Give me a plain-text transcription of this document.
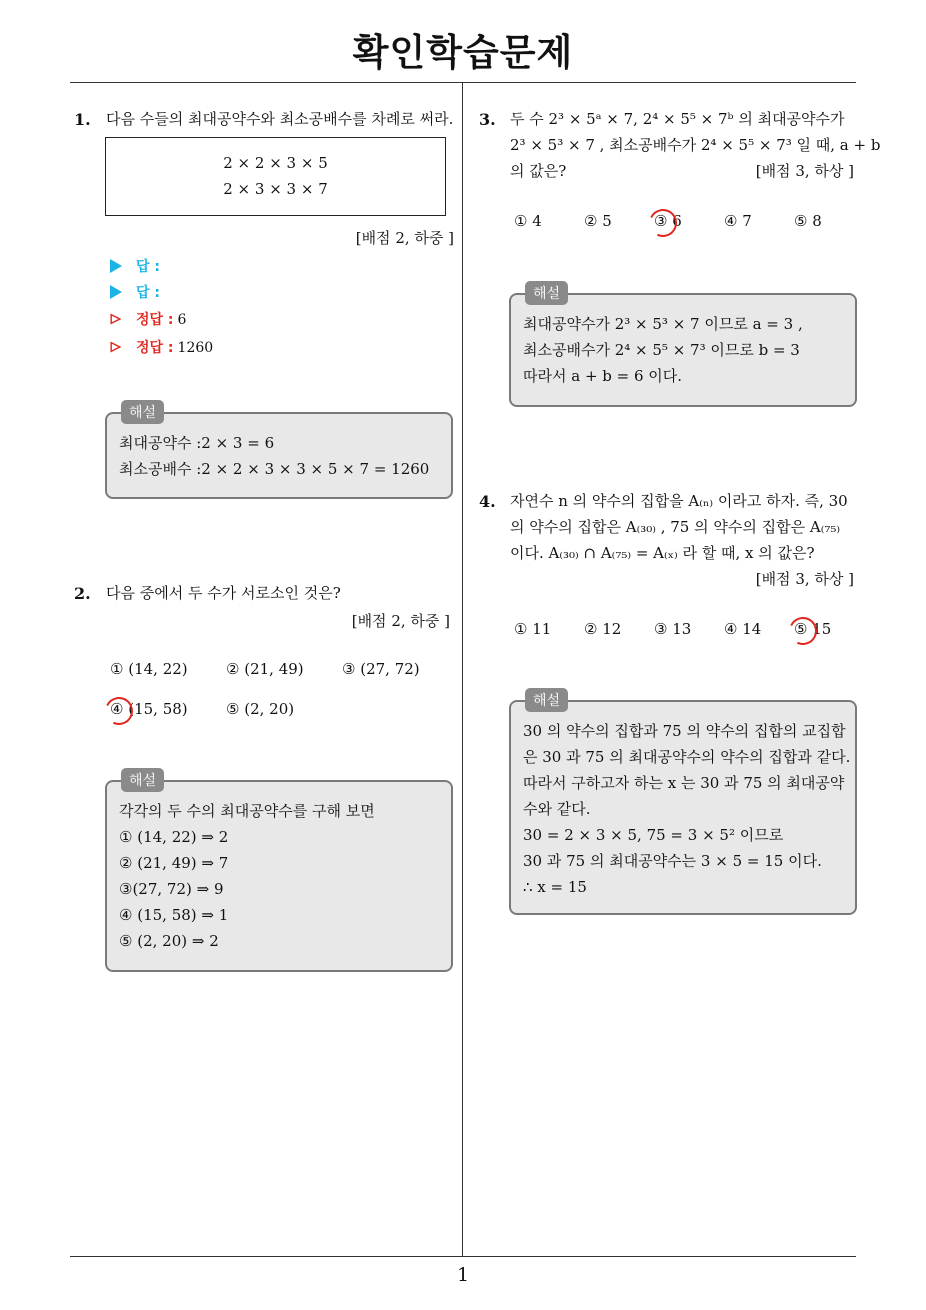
확인학습문제
1
1. 다음 수들의 최대공약수와 최소공배수를 차례로 써라.
2 × 2 × 3 × 5
2 × 3 × 3 × 7
[배점 2, 하중 ]
답 :
답 :
정답 : 6
정답 : 1260
해설
최대공약수 :2 × 3 = 6
최소공배수 :2 × 2 × 3 × 3 × 5 × 7 = 1260
2. 다음 중에서 두 수가 서로소인 것은?
[배점 2, 하중 ]
① (14, 22)	② (21, 49)	③ (27, 72)
④ (15, 58)	⑤ (2, 20)
해설
각각의 두 수의 최대공약수를 구해 보면
① (14, 22) ⇒ 2
② (21, 49) ⇒ 7
③(27, 72) ⇒ 9
④ (15, 58) ⇒ 1
⑤ (2, 20) ⇒ 2
3. 두 수 2³ × 5ᵃ × 7, 2⁴ × 5⁵ × 7ᵇ 의 최대공약수가
2³ × 5³ × 7 , 최소공배수가 2⁴ × 5⁵ × 7³ 일 때, a + b
의 값은?	[배점 3, 하상 ]
① 4	② 5	③ 6	④ 7	⑤ 8
해설
최대공약수가 2³ × 5³ × 7 이므로 a = 3 ,
최소공배수가 2⁴ × 5⁵ × 7³ 이므로 b = 3
따라서 a + b = 6 이다.
4. 자연수 n 의 약수의 집합을 A₍ₙ₎ 이라고 하자. 즉, 30
의 약수의 집합은 A₍₃₀₎ , 75 의 약수의 집합은 A₍₇₅₎
이다. A₍₃₀₎ ∩ A₍₇₅₎ = A₍ₓ₎ 라 할 때, x 의 값은?
[배점 3, 하상 ]
① 11 ② 12 ③ 13 ④ 14 ⑤ 15
해설
30 의 약수의 집합과 75 의 약수의 집합의 교집합
은 30 과 75 의 최대공약수의 약수의 집합과 같다.
따라서 구하고자 하는 x 는 30 과 75 의 최대공약
수와 같다.
30 = 2 × 3 × 5, 75 = 3 × 5² 이므로
30 과 75 의 최대공약수는 3 × 5 = 15 이다.
∴ x = 15
